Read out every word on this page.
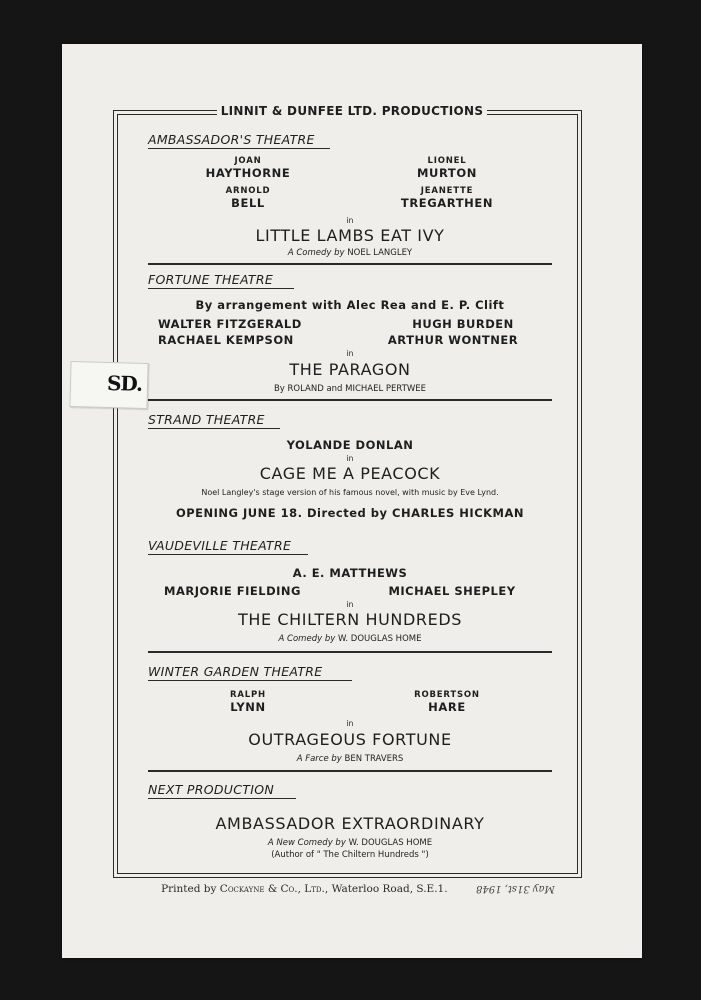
LINNIT & DUNFEE LTD. PRODUCTIONS
AMBASSADOR'S THEATRE
JOAN
HAYTHORNE
LIONEL
MURTON
ARNOLD
BELL
JEANETTE
TREGARTHEN
in
LITTLE LAMBS EAT IVY
A Comedy by NOEL LANGLEY
FORTUNE THEATRE
By arrangement with Alec Rea and E. P. Clift
WALTER FITZGERALD	HUGH BURDEN
RACHAEL KEMPSON	ARTHUR WONTNER
in
THE PARAGON
By ROLAND and MICHAEL PERTWEE
STRAND THEATRE
YOLANDE DONLAN
in
CAGE ME A PEACOCK
Noel Langley's stage version of his famous novel, with music by Eve Lynd.
OPENING JUNE 18. Directed by CHARLES HICKMAN
VAUDEVILLE THEATRE
A. E. MATTHEWS
MARJORIE FIELDING	MICHAEL SHEPLEY
in
THE CHILTERN HUNDREDS
A Comedy by W. DOUGLAS HOME
WINTER GARDEN THEATRE
RALPH
LYNN
ROBERTSON
HARE
in
OUTRAGEOUS FORTUNE
A Farce by BEN TRAVERS
NEXT PRODUCTION
AMBASSADOR EXTRAORDINARY
A New Comedy by W. DOUGLAS HOME
(Author of " The Chiltern Hundreds ")
Printed by Cockayne & Co., Ltd., Waterloo Road, S.E.1.	May 31st, 1948
SD.
